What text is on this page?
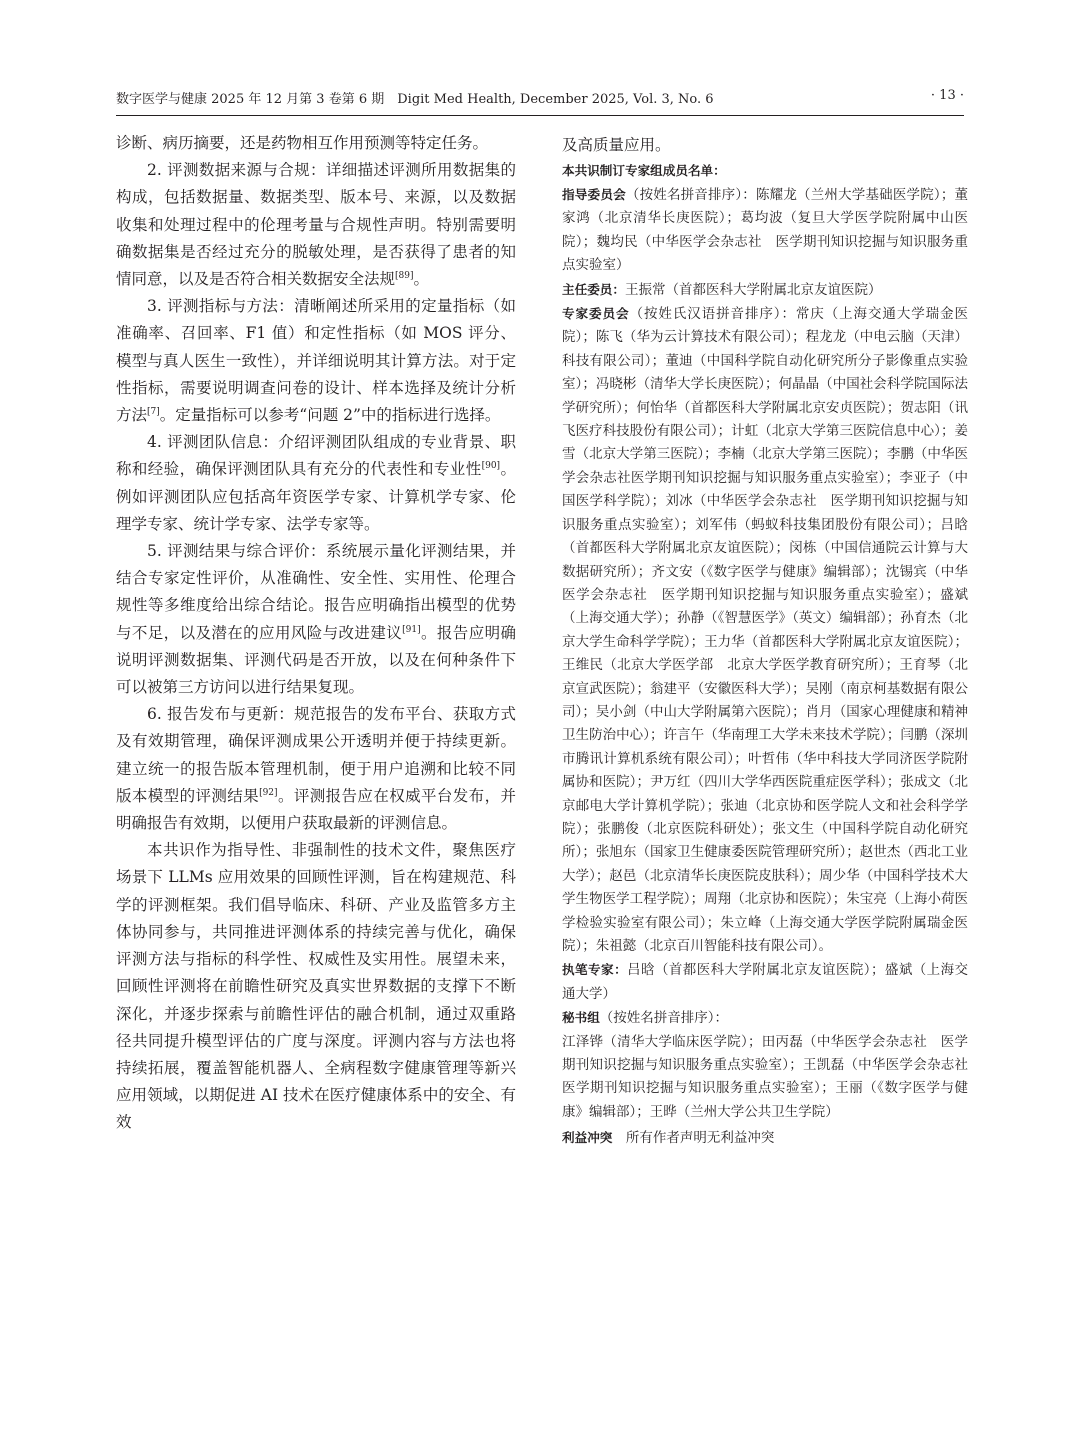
数字医学与健康 2025 年 12 月第 3 卷第 6 期　 Digit Med Health, December 2025, Vol. 3, No. 6	· 13 ·

诊断、病历摘要，还是药物相互作用预测等特定任务。

2. 评测数据来源与合规：详细描述评测所用数据集的构成，包括数据量、数据类型、版本号、来源，以及数据收集和处理过程中的伦理考量与合规性声明。特别需要明确数据集是否经过充分的脱敏处理，是否获得了患者的知情同意，以及是否符合相关数据安全法规[89]。

3. 评测指标与方法：清晰阐述所采用的定量指标（如准确率、召回率、F1 值）和定性指标（如 MOS 评分、模型与真人医生一致性），并详细说明其计算方法。对于定性指标，需要说明调查问卷的设计、样本选择及统计分析方法[7]。定量指标可以参考“问题 2”中的指标进行选择。

4. 评测团队信息：介绍评测团队组成的专业背景、职称和经验，确保评测团队具有充分的代表性和专业性[90]。例如评测团队应包括高年资医学专家、计算机学专家、伦理学专家、统计学专家、法学专家等。

5. 评测结果与综合评价：系统展示量化评测结果，并结合专家定性评价，从准确性、安全性、实用性、伦理合规性等多维度给出综合结论。报告应明确指出模型的优势与不足，以及潜在的应用风险与改进建议[91]。报告应明确说明评测数据集、评测代码是否开放，以及在何种条件下可以被第三方访问以进行结果复现。

6. 报告发布与更新：规范报告的发布平台、获取方式及有效期管理，确保评测成果公开透明并便于持续更新。建立统一的报告版本管理机制，便于用户追溯和比较不同版本模型的评测结果[92]。评测报告应在权威平台发布，并明确报告有效期，以便用户获取最新的评测信息。

本共识作为指导性、非强制性的技术文件，聚焦医疗场景下 LLMs 应用效果的回顾性评测，旨在构建规范、科学的评测框架。我们倡导临床、科研、产业及监管多方主体协同参与，共同推进评测体系的持续完善与优化，确保评测方法与指标的科学性、权威性及实用性。展望未来，回顾性评测将在前瞻性研究及真实世界数据的支撑下不断深化，并逐步探索与前瞻性评估的融合机制，通过双重路径共同提升模型评估的广度与深度。评测内容与方法也将持续拓展，覆盖智能机器人、全病程数字健康管理等新兴应用领域，以期促进 AI 技术在医疗健康体系中的安全、有效

及高质量应用。

本共识制订专家组成员名单：

指导委员会（按姓名拼音排序）：陈耀龙（兰州大学基础医学院）；董家鸿（北京清华长庚医院）；葛均波（复旦大学医学院附属中山医院）；魏均民（中华医学会杂志社　医学期刊知识挖掘与知识服务重点实验室）

主任委员：王振常（首都医科大学附属北京友谊医院）

专家委员会（按姓氏汉语拼音排序）：常庆（上海交通大学瑞金医院）；陈飞（华为云计算技术有限公司）；程龙龙（中电云脑（天津）科技有限公司）；董迪（中国科学院自动化研究所分子影像重点实验室）；冯晓彬（清华大学长庚医院）；何晶晶（中国社会科学院国际法学研究所）；何怡华（首都医科大学附属北京安贞医院）；贺志阳（讯飞医疗科技股份有限公司）；计虹（北京大学第三医院信息中心）；姜雪（北京大学第三医院）；李楠（北京大学第三医院）；李鹏（中华医学会杂志社医学期刊知识挖掘与知识服务重点实验室）；李亚子（中国医学科学院）；刘冰（中华医学会杂志社　医学期刊知识挖掘与知识服务重点实验室）；刘军伟（蚂蚁科技集团股份有限公司）；吕晗（首都医科大学附属北京友谊医院）；闵栋（中国信通院云计算与大数据研究所）；齐文安（《数字医学与健康》编辑部）；沈锡宾（中华医学会杂志社　医学期刊知识挖掘与知识服务重点实验室）；盛斌（上海交通大学）；孙静（《智慧医学》（英文）编辑部）；孙育杰（北京大学生命科学学院）；王力华（首都医科大学附属北京友谊医院）；王维民（北京大学医学部　北京大学医学教育研究所）；王育琴（北京宣武医院）；翁建平（安徽医科大学）；吴刚（南京柯基数据有限公司）；吴小剑（中山大学附属第六医院）；肖月（国家心理健康和精神卫生防治中心）；许言午（华南理工大学未来技术学院）；闫鹏（深圳市腾讯计算机系统有限公司）；叶哲伟（华中科技大学同济医学院附属协和医院）；尹万红（四川大学华西医院重症医学科）；张成文（北京邮电大学计算机学院）；张迪（北京协和医学院人文和社会科学学院）；张鹏俊（北京医院科研处）；张文生（中国科学院自动化研究所）；张旭东（国家卫生健康委医院管理研究所）；赵世杰（西北工业大学）；赵邑（北京清华长庚医院皮肤科）；周少华（中国科学技术大学生物医学工程学院）；周翔（北京协和医院）；朱宝亮（上海小荷医学检验实验室有限公司）；朱立峰（上海交通大学医学院附属瑞金医院）；朱祖懿（北京百川智能科技有限公司）。

执笔专家：吕晗（首都医科大学附属北京友谊医院）；盛斌（上海交通大学）

秘书组（按姓名拼音排序）：

江泽铧（清华大学临床医学院）；田丙磊（中华医学会杂志社　医学期刊知识挖掘与知识服务重点实验室）；王凯磊（中华医学会杂志社　医学期刊知识挖掘与知识服务重点实验室）；王丽（《数字医学与健康》编辑部）；王晔（兰州大学公共卫生学院）

利益冲突　所有作者声明无利益冲突
